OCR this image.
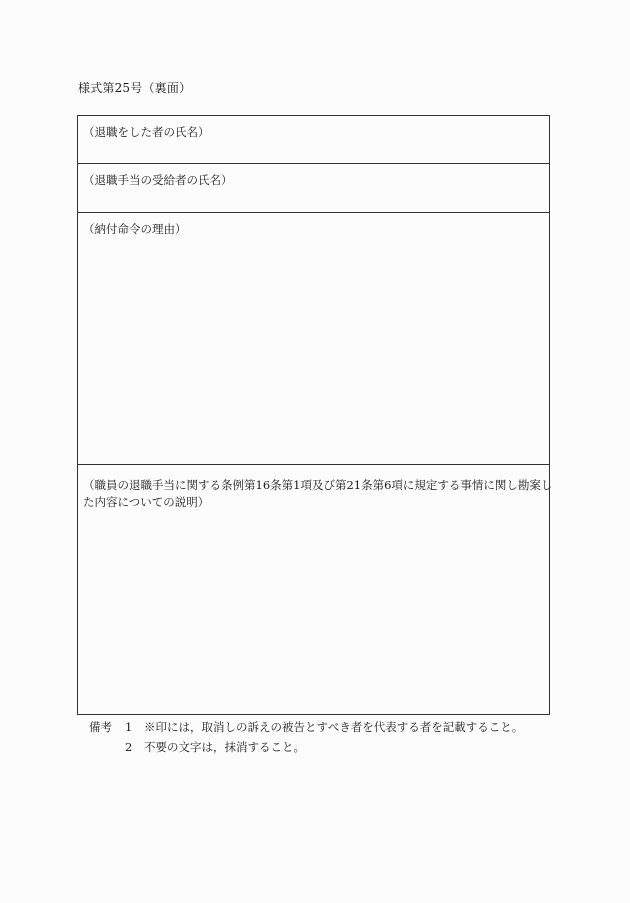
様式第25号（裏面）
（退職をした者の氏名）
（退職手当の受給者の氏名）
（納付命令の理由）
（職員の退職手当に関する条例第16条第1項及び第21条第6項に規定する事情に関し勘案し
た内容についての説明）
備考 1 ※印には，取消しの訴えの被告とすべき者を代表する者を記載すること。
2 不要の文字は，抹消すること。
